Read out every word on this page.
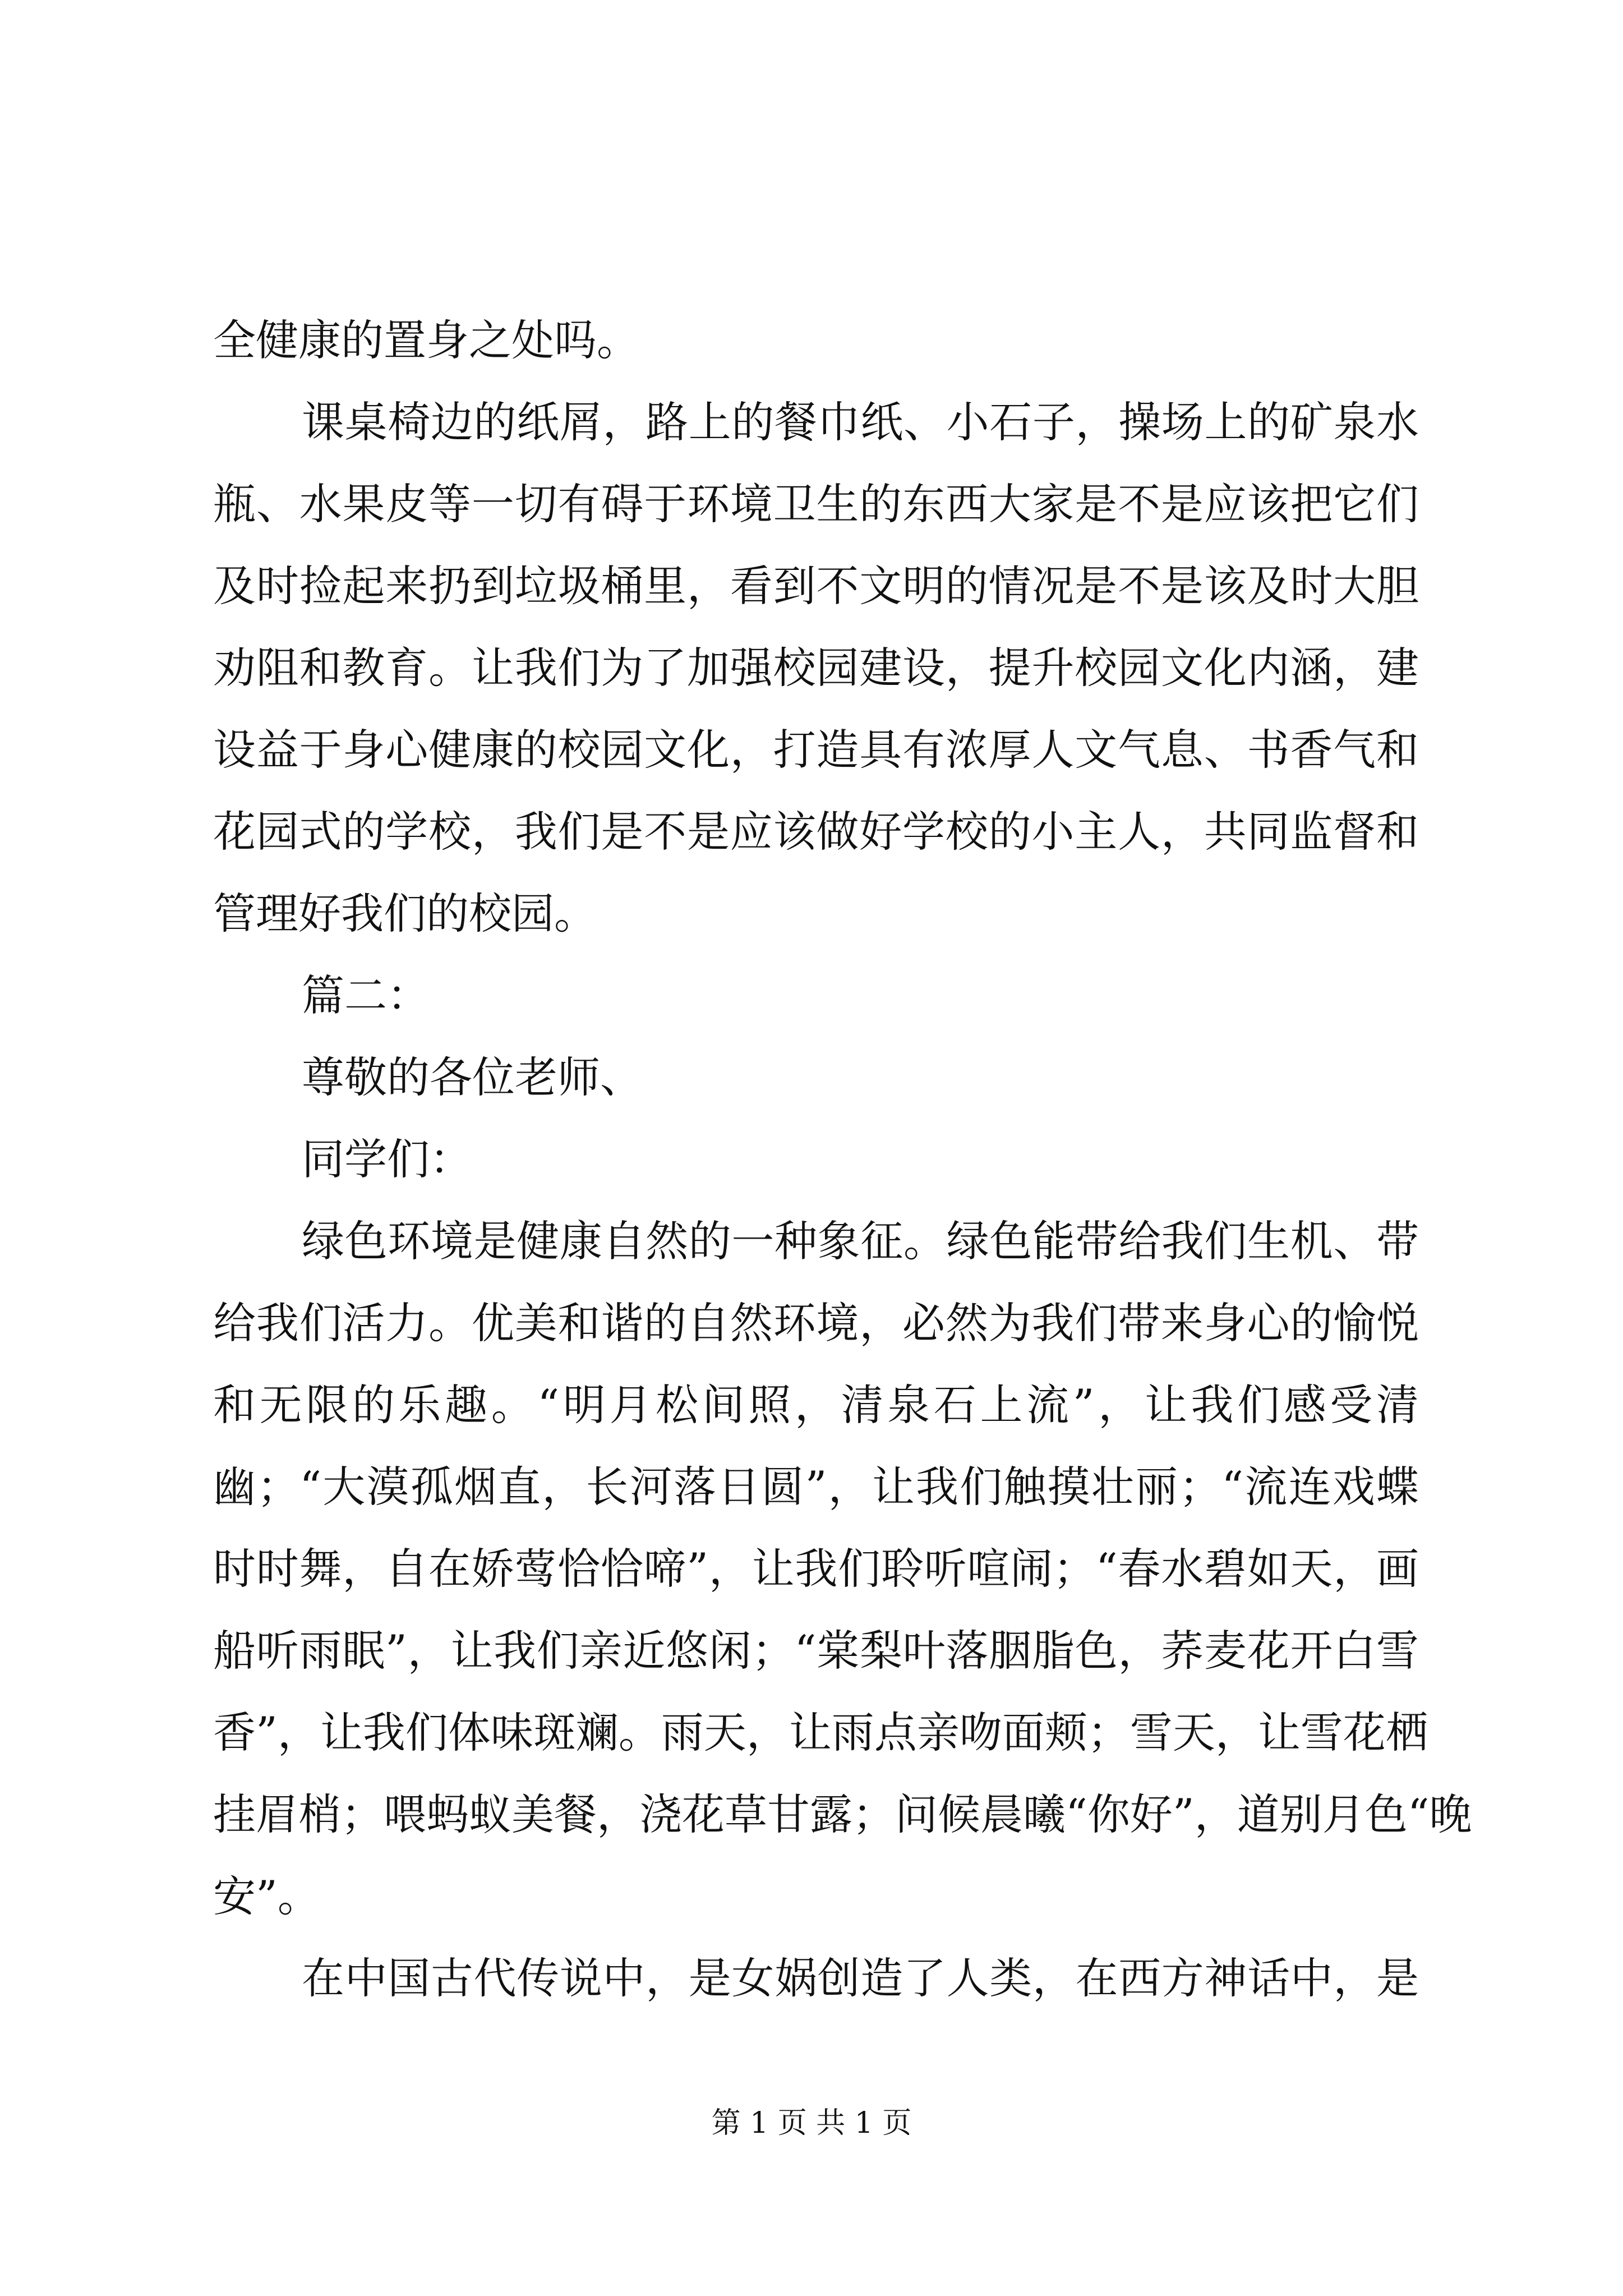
全健康的置身之处吗。
课桌椅边的纸屑，路上的餐巾纸、小石子，操场上的矿泉水
瓶、水果皮等一切有碍于环境卫生的东西大家是不是应该把它们
及时捡起来扔到垃圾桶里，看到不文明的情况是不是该及时大胆
劝阻和教育。让我们为了加强校园建设，提升校园文化内涵，建
设益于身心健康的校园文化，打造具有浓厚人文气息、书香气和
花园式的学校，我们是不是应该做好学校的小主人，共同监督和
管理好我们的校园。
篇二：
尊敬的各位老师、
同学们：
绿色环境是健康自然的一种象征。绿色能带给我们生机、带
给我们活力。优美和谐的自然环境，必然为我们带来身心的愉悦
和无限的乐趣。“明月松间照，清泉石上流”，让我们感受清
幽；“大漠孤烟直，长河落日圆”，让我们触摸壮丽；“流连戏蝶
时时舞，自在娇莺恰恰啼”，让我们聆听喧闹；“春水碧如天，画
船听雨眠”，让我们亲近悠闲；“棠梨叶落胭脂色，荞麦花开白雪
香”，让我们体味斑斓。雨天，让雨点亲吻面颊；雪天，让雪花栖
挂眉梢；喂蚂蚁美餐，浇花草甘露；问候晨曦“你好”，道别月色“晚
安”。
在中国古代传说中，是女娲创造了人类，在西方神话中，是
第 1 页 共 1 页
